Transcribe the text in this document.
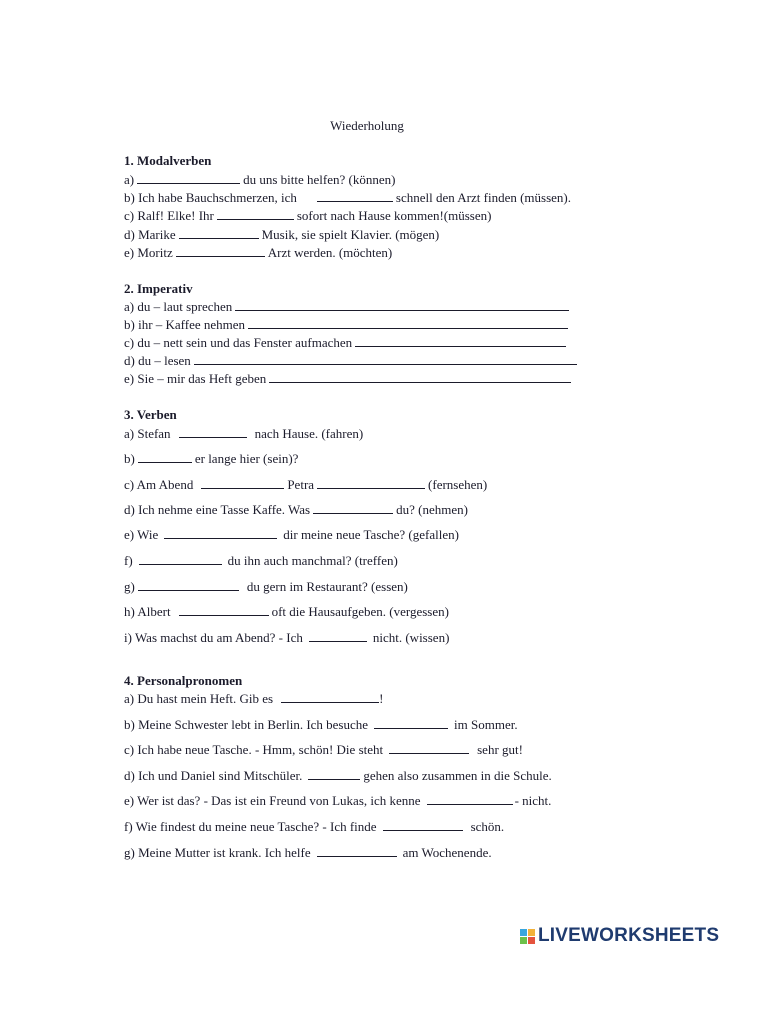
Wiederholung
1. Modalverben
a)	du uns bitte helfen? (können)
b) Ich habe Bauchschmerzen, ich	schnell den Arzt finden (müssen).
c) Ralf! Elke! Ihr	sofort nach Hause kommen!(müssen)
d) Marike	Musik, sie spielt Klavier. (mögen)
e) Moritz	Arzt werden. (möchten)
2. Imperativ
a) du – laut sprechen
b) ihr – Kaffee nehmen
c) du – nett sein und das Fenster aufmachen
d) du – lesen
e) Sie – mir das Heft geben
3. Verben
a) Stefan	nach Hause. (fahren)
b)	er lange hier (sein)?
c) Am Abend	Petra	(fernsehen)
d) Ich nehme eine Tasse Kaffe. Was	du? (nehmen)
e) Wie	dir meine neue Tasche? (gefallen)
f)	du ihn auch manchmal? (treffen)
g)	du gern im Restaurant? (essen)
h) Albert	oft die Hausaufgeben. (vergessen)
i) Was machst du am Abend? - Ich	nicht. (wissen)
4. Personalpronomen
a) Du hast mein Heft. Gib es	!
b) Meine Schwester lebt in Berlin. Ich besuche	im Sommer.
c) Ich habe neue Tasche. - Hmm, schön! Die steht	sehr gut!
d) Ich und Daniel sind Mitschüler.	gehen also zusammen in die Schule.
e) Wer ist das? - Das ist ein Freund von Lukas, ich kenne	- nicht.
f) Wie findest du meine neue Tasche? - Ich finde	schön.
g) Meine Mutter ist krank. Ich helfe	am Wochenende.
LIVEWORKSHEETS
